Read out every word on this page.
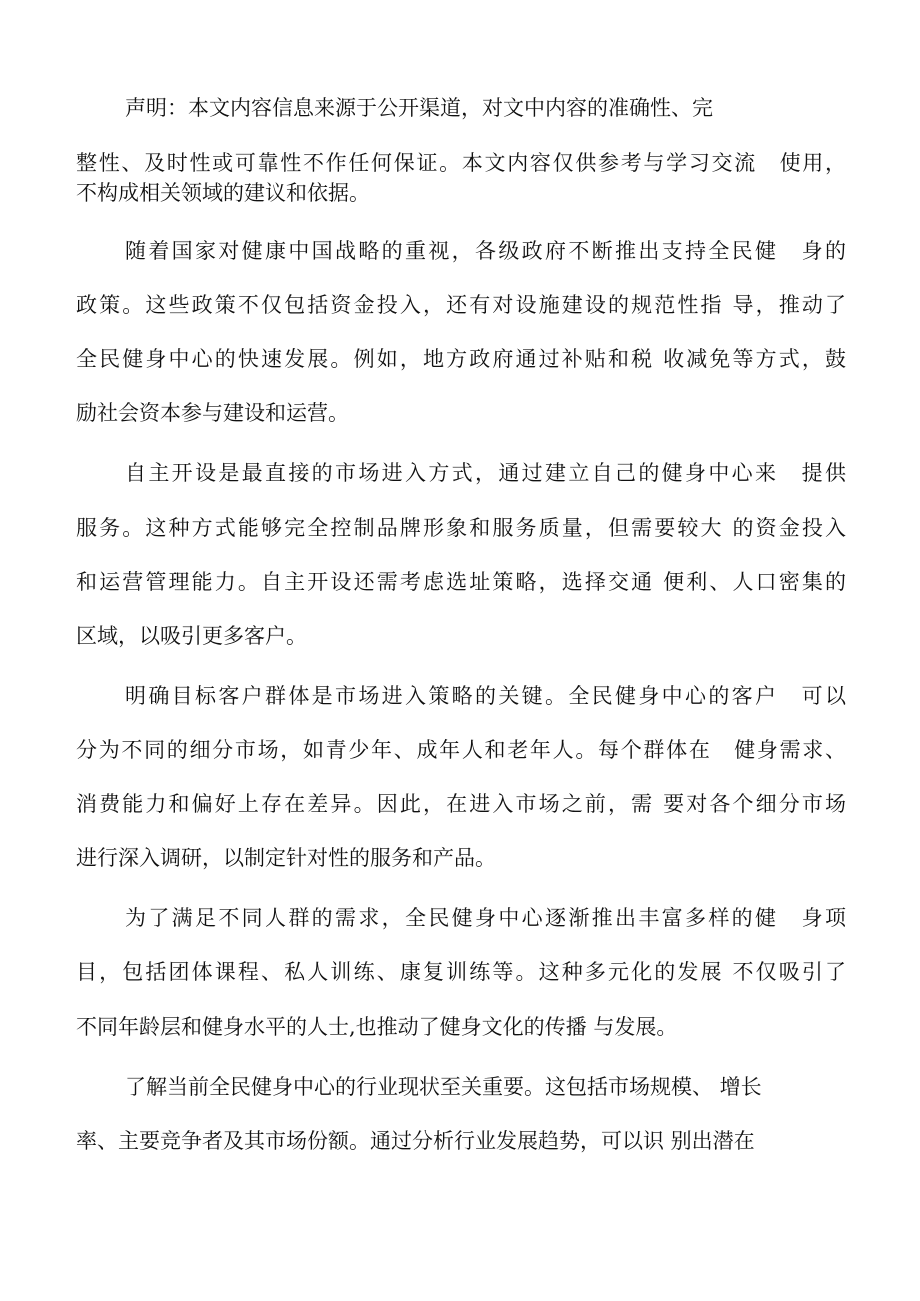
声明：本文内容信息来源于公开渠道，对文中内容的准确性、完
整性、及时性或可靠性不作任何保证。本文内容仅供参考与学习交流　使用，
不构成相关领域的建议和依据。
随着国家对健康中国战略的重视，各级政府不断推出支持全民健　身的
政策。这些政策不仅包括资金投入，还有对设施建设的规范性指 导，推动了
全民健身中心的快速发展。例如，地方政府通过补贴和税 收减免等方式，鼓
励社会资本参与建设和运营。
自主开设是最直接的市场进入方式，通过建立自己的健身中心来　提供
服务。这种方式能够完全控制品牌形象和服务质量，但需要较大 的资金投入
和运营管理能力。自主开设还需考虑选址策略，选择交通 便利、人口密集的
区域，以吸引更多客户。
明确目标客户群体是市场进入策略的关键。全民健身中心的客户　可以
分为不同的细分市场，如青少年、成年人和老年人。每个群体在　健身需求、
消费能力和偏好上存在差异。因此，在进入市场之前，需 要对各个细分市场
进行深入调研，以制定针对性的服务和产品。
为了满足不同人群的需求，全民健身中心逐渐推出丰富多样的健　身项
目，包括团体课程、私人训练、康复训练等。这种多元化的发展 不仅吸引了
不同年龄层和健身水平的人士,也推动了健身文化的传播 与发展。
了解当前全民健身中心的行业现状至关重要。这包括市场规模、 增长
率、主要竞争者及其市场份额。通过分析行业发展趋势，可以识 别出潜在
